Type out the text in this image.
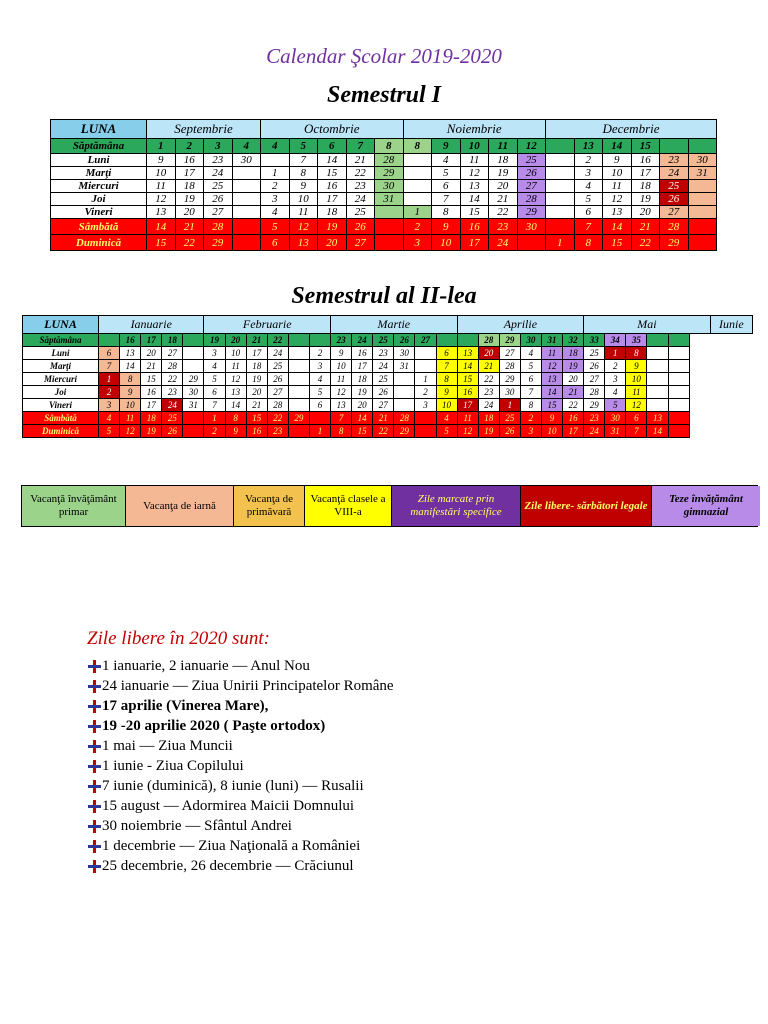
Calendar Şcolar 2019-2020
Semestrul I
LUNA	Septembrie				Octombrie					Noiembrie					Decembrie					
Săptămâna	1	2	3	4	4	5	6	7	8	8	9	10	11	12		13	14	15		
Luni	9	16	23	30		7	14	21	28		4	11	18	25		2	9	16	23	30
Marţi	10	17	24		1	8	15	22	29		5	12	19	26		3	10	17	24	31
Miercuri	11	18	25		2	9	16	23	30		6	13	20	27		4	11	18	25	
Joi	12	19	26		3	10	17	24	31		7	14	21	28		5	12	19	26	
Vineri	13	20	27		4	11	18	25		1	8	15	22	29		6	13	20	27	
Sâmbătă	14	21	28		5	12	19	26		2	9	16	23	30		7	14	21	28	
Duminică	15	22	29		6	13	20	27		3	10	17	24		1	8	15	22	29	
Semestrul al II-lea
LUNA	Ianuarie					Februarie						Martie						Aprilie						Mai					Iunie
Săptămâna		16	17	18		19	20	21	22			23	24	25	26	27			28	29	30	31	32	33	34	35			
Luni	6	13	20	27		3	10	17	24		2	9	16	23	30		6	13	20	27	4	11	18	25	1	8			
Marţi	7	14	21	28		4	11	18	25		3	10	17	24	31		7	14	21	28	5	12	19	26	2	9			
Miercuri	1	8	15	22	29	5	12	19	26		4	11	18	25		1	8	15	22	29	6	13	20	27	3	10			
Joi	2	9	16	23	30	6	13	20	27		5	12	19	26		2	9	16	23	30	7	14	21	28	4	11			
Vineri	3	10	17	24	31	7	14	21	28		6	13	20	27		3	10	17	24	1	8	15	22	29	5	12			
Sâmbătă	4	11	18	25		1	8	15	22	29		7	14	21	28		4	11	18	25	2	9	16	23	30	6	13		
Duminică	5	12	19	26		2	9	16	23		1	8	15	22	29		5	12	19	26	3	10	17	24	31	7	14		
Vacanţă învăţământ primar
Vacanţa de iarnă
Vacanţa de primăvară
Vacanţă clasele a VIII-a
Zile marcate prin manifestări specifice
Zile libere- sărbători legale
Teze învăţământ gimnazial
Zile libere în 2020 sunt:
1 ianuarie, 2 ianuarie — Anul Nou
24 ianuarie — Ziua Unirii Principatelor Române
17 aprilie (Vinerea Mare),
19 -20 aprilie 2020 ( Paşte ortodox)
1 mai — Ziua Muncii
1 iunie - Ziua Copilului
7 iunie (duminică), 8 iunie (luni) — Rusalii
15 august — Adormirea Maicii Domnului
30 noiembrie — Sfântul Andrei
1 decembrie — Ziua Naţională a României
25 decembrie, 26 decembrie — Crăciunul
